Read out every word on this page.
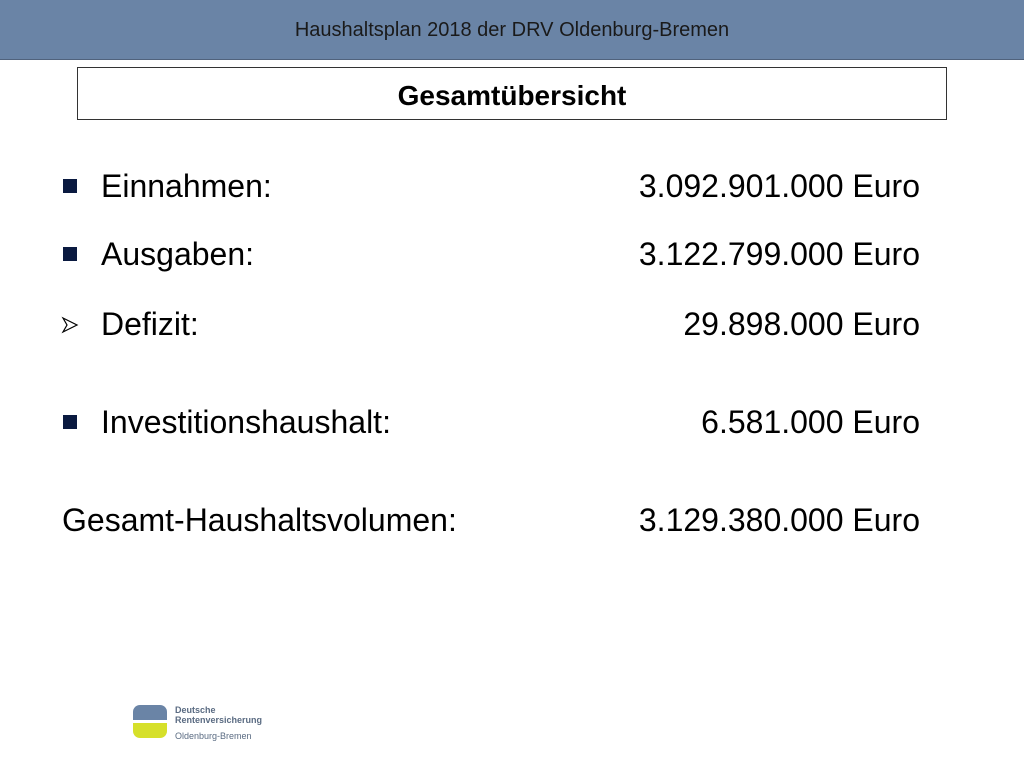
Haushaltsplan 2018 der DRV Oldenburg-Bremen
Gesamtübersicht
Einnahmen:	3.092.901.000 Euro
Ausgaben:	3.122.799.000 Euro
Defizit:	29.898.000 Euro
Investitionshaushalt:	6.581.000 Euro
Gesamt-Haushaltsvolumen:	3.129.380.000 Euro
Deutsche
Rentenversicherung
Oldenburg-Bremen
